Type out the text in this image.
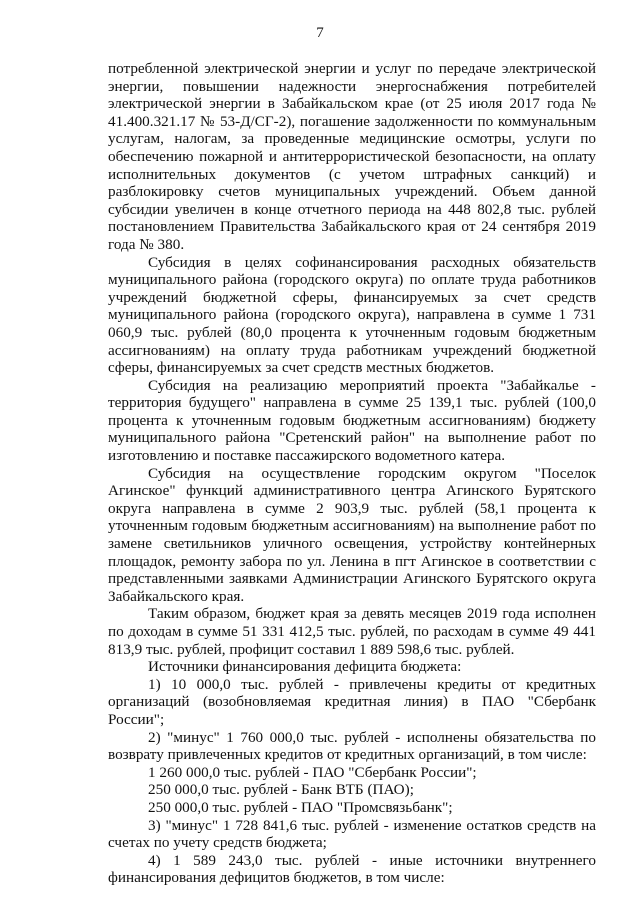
7

потребленной электрической энергии и услуг по передаче электрической энергии, повышении надежности энергоснабжения потребителей электрической энергии в Забайкальском крае (от 25 июля 2017 года № 41.400.321.17 № 53-Д/СГ-2), погашение задолженности по коммунальным услугам, налогам, за проведенные медицинские осмотры, услуги по обеспечению пожарной и антитеррористической безопасности, на оплату исполнительных документов (с учетом штрафных санкций) и разблокировку счетов муниципальных учреждений. Объем данной субсидии увеличен в конце отчетного периода на 448 802,8 тыс. рублей постановлением Правительства Забайкальского края от 24 сентября 2019 года № 380.

Субсидия в целях софинансирования расходных обязательств муниципального района (городского округа) по оплате труда работников учреждений бюджетной сферы, финансируемых за счет средств муниципального района (городского округа), направлена в сумме 1 731 060,9 тыс. рублей (80,0 процента к уточненным годовым бюджетным ассигнованиям) на оплату труда работникам учреждений бюджетной сферы, финансируемых за счет средств местных бюджетов.

Субсидия на реализацию мероприятий проекта "Забайкалье - территория будущего" направлена в сумме 25 139,1 тыс. рублей (100,0 процента к уточненным годовым бюджетным ассигнованиям) бюджету муниципального района "Сретенский район" на выполнение работ по изготовлению и поставке пассажирского водометного катера.

Субсидия на осуществление городским округом "Поселок Агинское" функций административного центра Агинского Бурятского округа направлена в сумме 2 903,9 тыс. рублей (58,1 процента к уточненным годовым бюджетным ассигнованиям) на выполнение работ по замене светильников уличного освещения, устройству контейнерных площадок, ремонту забора по ул. Ленина в пгт Агинское в соответствии с представленными заявками Администрации Агинского Бурятского округа Забайкальского края.

Таким образом, бюджет края за девять месяцев 2019 года исполнен по доходам в сумме 51 331 412,5 тыс. рублей, по расходам в сумме 49 441 813,9 тыс. рублей, профицит составил 1 889 598,6 тыс. рублей.

Источники финансирования дефицита бюджета:

1) 10 000,0 тыс. рублей - привлечены кредиты от кредитных организаций (возобновляемая кредитная линия) в ПАО "Сбербанк России";

2) "минус" 1 760 000,0 тыс. рублей - исполнены обязательства по возврату привлеченных кредитов от кредитных организаций, в том числе:

1 260 000,0 тыс. рублей - ПАО "Сбербанк России";

250 000,0 тыс. рублей - Банк ВТБ (ПАО);

250 000,0 тыс. рублей - ПАО "Промсвязьбанк";

3) "минус" 1 728 841,6 тыс. рублей - изменение остатков средств на счетах по учету средств бюджета;

4) 1 589 243,0 тыс. рублей - иные источники внутреннего финансирования дефицитов бюджетов, в том числе:
